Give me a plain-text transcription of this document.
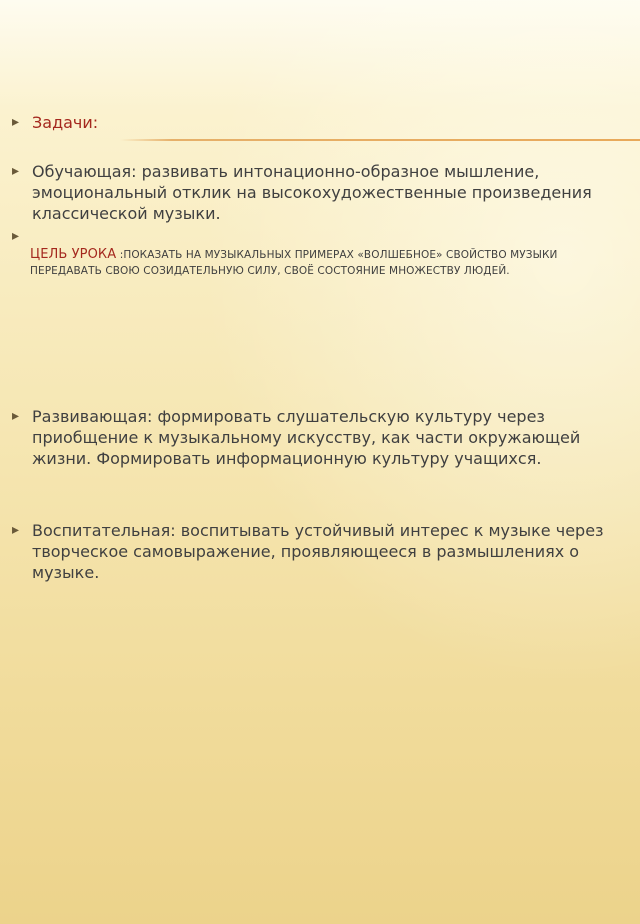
▸ Задачи:
▸ Обучающая: развивать интонационно-образное мышление, эмоциональный отклик на высокохудожественные произведения классической музыки.
▸
ЦЕЛЬ УРОКА :ПОКАЗАТЬ НА МУЗЫКАЛЬНЫХ ПРИМЕРАХ «ВОЛШЕБНОЕ» СВОЙСТВО МУЗЫКИ ПЕРЕДАВАТЬ СВОЮ СОЗИДАТЕЛЬНУЮ СИЛУ, СВОЁ СОСТОЯНИЕ МНОЖЕСТВУ ЛЮДЕЙ.
▸ Развивающая: формировать слушательскую культуру через приобщение к музыкальному искусству, как части окружающей жизни. Формировать информационную культуру учащихся.
▸ Воспитательная: воспитывать устойчивый интерес к музыке через творческое самовыражение, проявляющееся в размышлениях о музыке.
